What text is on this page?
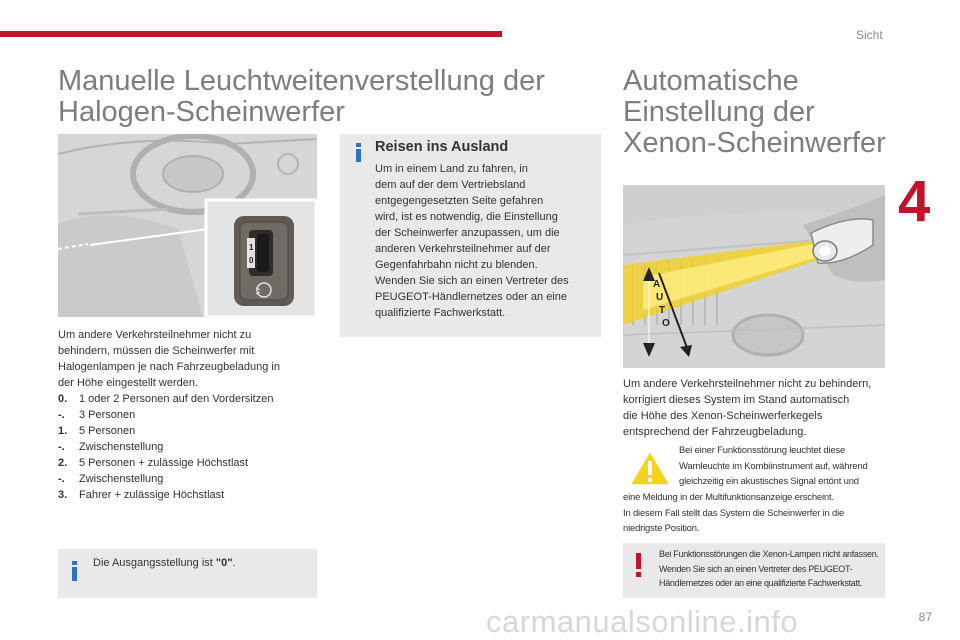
Sicht
4
Manuelle Leuchtweitenverstellung der
Halogen-Scheinwerfer
1
0
Um andere Verkehrsteilnehmer nicht zu
behindern, müssen die Scheinwerfer mit
Halogenlampen je nach Fahrzeugbeladung in
der Höhe eingestellt werden.
0.	1 oder 2 Personen auf den Vordersitzen
-.	3 Personen
1.	5 Personen
-.	Zwischenstellung
2.	5 Personen + zulässige Höchstlast
-.	Zwischenstellung
3.	Fahrer + zulässige Höchstlast
Die Ausgangsstellung ist "0".
Reisen ins Ausland
Um in einem Land zu fahren, in
dem auf der dem Vertriebsland
entgegengesetzten Seite gefahren
wird, ist es notwendig, die Einstellung
der Scheinwerfer anzupassen, um die
anderen Verkehrsteilnehmer auf der
Gegenfahrbahn nicht zu blenden.
Wenden Sie sich an einen Vertreter des
PEUGEOT-Händlernetzes oder an eine
qualifizierte Fachwerkstatt.
Automatische
Einstellung der
Xenon-Scheinwerfer
A
U
T
O
Um andere Verkehrsteilnehmer nicht zu behindern,
korrigiert dieses System im Stand automatisch
die Höhe des Xenon-Scheinwerferkegels
entsprechend der Fahrzeugbeladung.
Bei einer Funktionsstörung leuchtet diese
Warnleuchte im Kombiinstrument auf, während
gleichzeitig ein akustisches Signal ertönt und
eine Meldung in der Multifunktionsanzeige erscheint.
In diesem Fall stellt das System die Scheinwerfer in die
niedrigste Position.
Bei Funktionsstörungen die Xenon-Lampen nicht anfassen.
Wenden Sie sich an einen Vertreter des PEUGEOT-
Händlernetzes oder an eine qualifizierte Fachwerkstatt.
carmanualsonline.info	87
